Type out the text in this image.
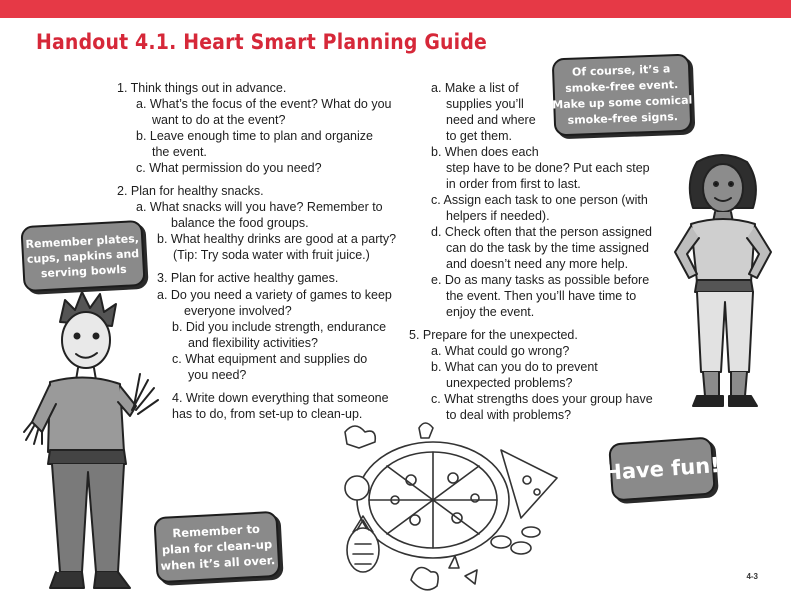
Handout 4.1. Heart Smart Planning Guide
1. Think things out in advance.
a. What’s the focus of the event? What do you
want to do at the event?
b. Leave enough time to plan and organize
the event.
c. What permission do you need?
2. Plan for healthy snacks.
a. What snacks will you have? Remember to
balance the food groups.
b. What healthy drinks are good at a party?
(Tip: Try soda water with fruit juice.)
3. Plan for active healthy games.
a. Do you need a variety of games to keep
everyone involved?
b. Did you include strength, endurance
and flexibility activities?
c. What equipment and supplies do
you need?
4. Write down everything that someone
has to do, from set-up to clean-up.
a. Make a list of
supplies you’ll
need and where
to get them.
b. When does each
step have to be done? Put each step
in order from first to last.
c. Assign each task to one person (with
helpers if needed).
d. Check often that the person assigned
can do the task by the time assigned
and doesn’t need any more help.
e. Do as many tasks as possible before
the event. Then you’ll have time to
enjoy the event.
5. Prepare for the unexpected.
a. What could go wrong?
b. What can you do to prevent
unexpected problems?
c. What strengths does your group have
to deal with problems?
Remember plates,
cups, napkins and
serving bowls
Remember to
plan for clean-up
when it’s all over.
Of course, it’s a
smoke-free event.
Make up some comical
smoke-free signs.
Have fun!
4-3
